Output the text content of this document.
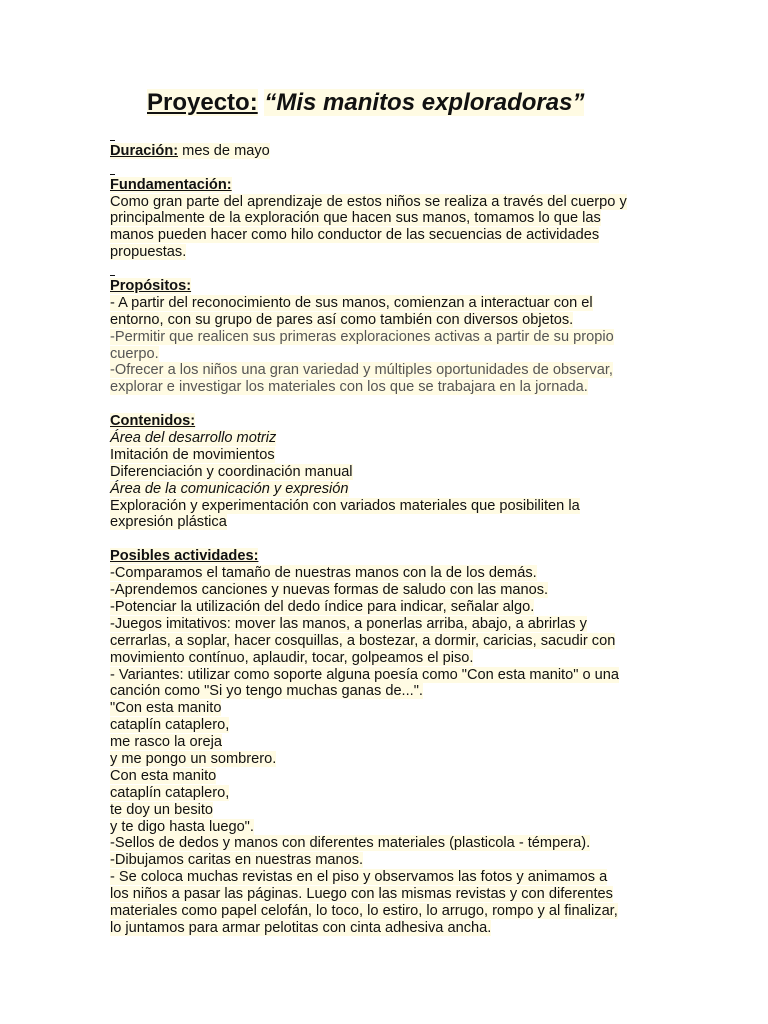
Proyecto: “Mis manitos exploradoras”
Duración: mes de mayo
Fundamentación:
Como gran parte del aprendizaje de estos niños se realiza a través del cuerpo y
principalmente de la exploración que hacen sus manos, tomamos lo que las
manos pueden hacer como hilo conductor de las secuencias de actividades
propuestas.
Propósitos:
- A partir del reconocimiento de sus manos, comienzan a interactuar con el
entorno, con su grupo de pares así como también con diversos objetos.
-Permitir que realicen sus primeras exploraciones activas a partir de su propio
cuerpo.
-Ofrecer a los niños una gran variedad y múltiples oportunidades de observar,
explorar e investigar los materiales con los que se trabajara en la jornada.
Contenidos:
Área del desarrollo motriz
Imitación de movimientos
Diferenciación y coordinación manual
Área de la comunicación y expresión
Exploración y experimentación con variados materiales que posibiliten la
expresión plástica
Posibles actividades:
-Comparamos el tamaño de nuestras manos con la de los demás.
-Aprendemos canciones y nuevas formas de saludo con las manos.
-Potenciar la utilización del dedo índice para indicar, señalar algo.
-Juegos imitativos: mover las manos, a ponerlas arriba, abajo, a abrirlas y
cerrarlas, a soplar, hacer cosquillas, a bostezar, a dormir, caricias, sacudir con
movimiento contínuo, aplaudir, tocar, golpeamos el piso.
- Variantes: utilizar como soporte alguna poesía como "Con esta manito" o una
canción como "Si yo tengo muchas ganas de...".
"Con esta manito
cataplín cataplero,
me rasco la oreja
y me pongo un sombrero.
Con esta manito
cataplín cataplero,
te doy un besito
y te digo hasta luego".
-Sellos de dedos y manos con diferentes materiales (plasticola - témpera).
-Dibujamos caritas en nuestras manos.
- Se coloca muchas revistas en el piso y observamos las fotos y animamos a
los niños a pasar las páginas. Luego con las mismas revistas y con diferentes
materiales como papel celofán, lo toco, lo estiro, lo arrugo, rompo y al finalizar,
lo juntamos para armar pelotitas con cinta adhesiva ancha.
